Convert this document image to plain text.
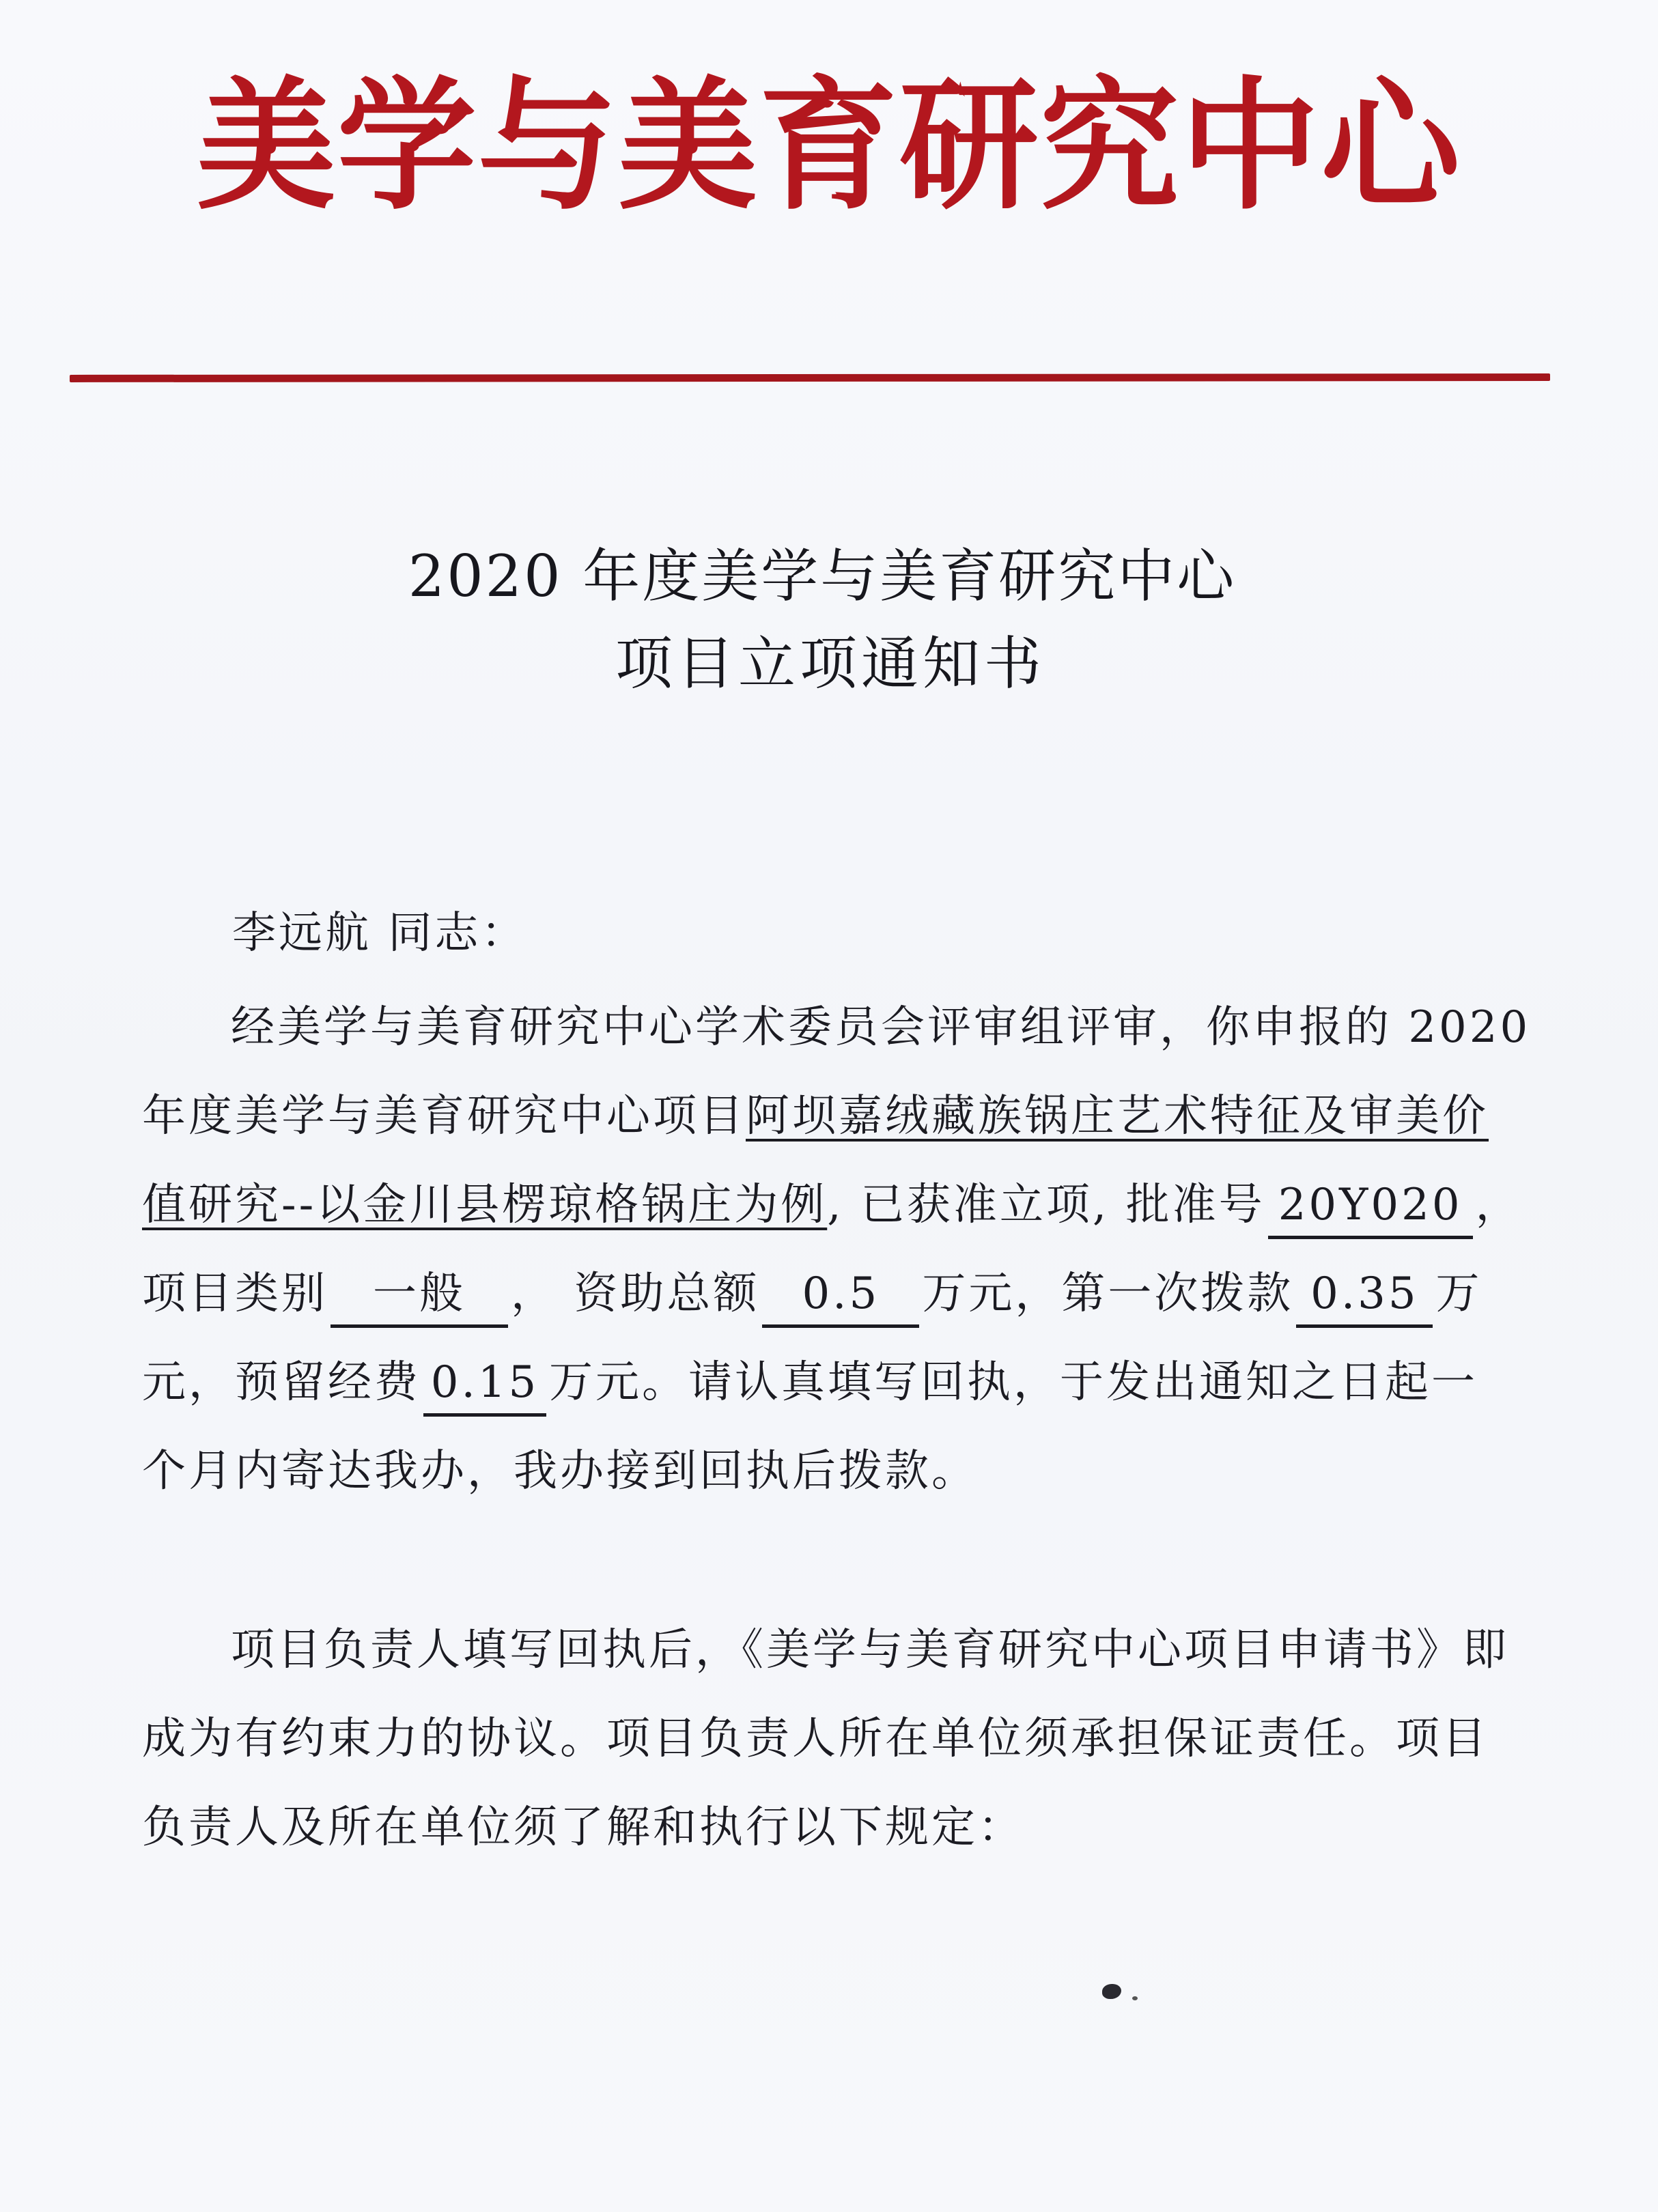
美学与美育研究中心
2020 年度美学与美育研究中心
项目立项通知书
李远航 同志：
经美学与美育研究中心学术委员会评审组评审，你申报的 2020
年度美学与美育研究中心项目阿坝嘉绒藏族锅庄艺术特征及审美价
值研究--以金川县楞琼格锅庄为例, 已获准立项, 批准号 20Y020 ，
项目类别 一般 ， 资助总额 0.5 万元，第一次拨款 0.35 万
元，预留经费 0.15 万元。请认真填写回执，于发出通知之日起一
个月内寄达我办，我办接到回执后拨款。
项目负责人填写回执后，《美学与美育研究中心项目申请书》即
成为有约束力的协议。项目负责人所在单位须承担保证责任。项目
负责人及所在单位须了解和执行以下规定：
